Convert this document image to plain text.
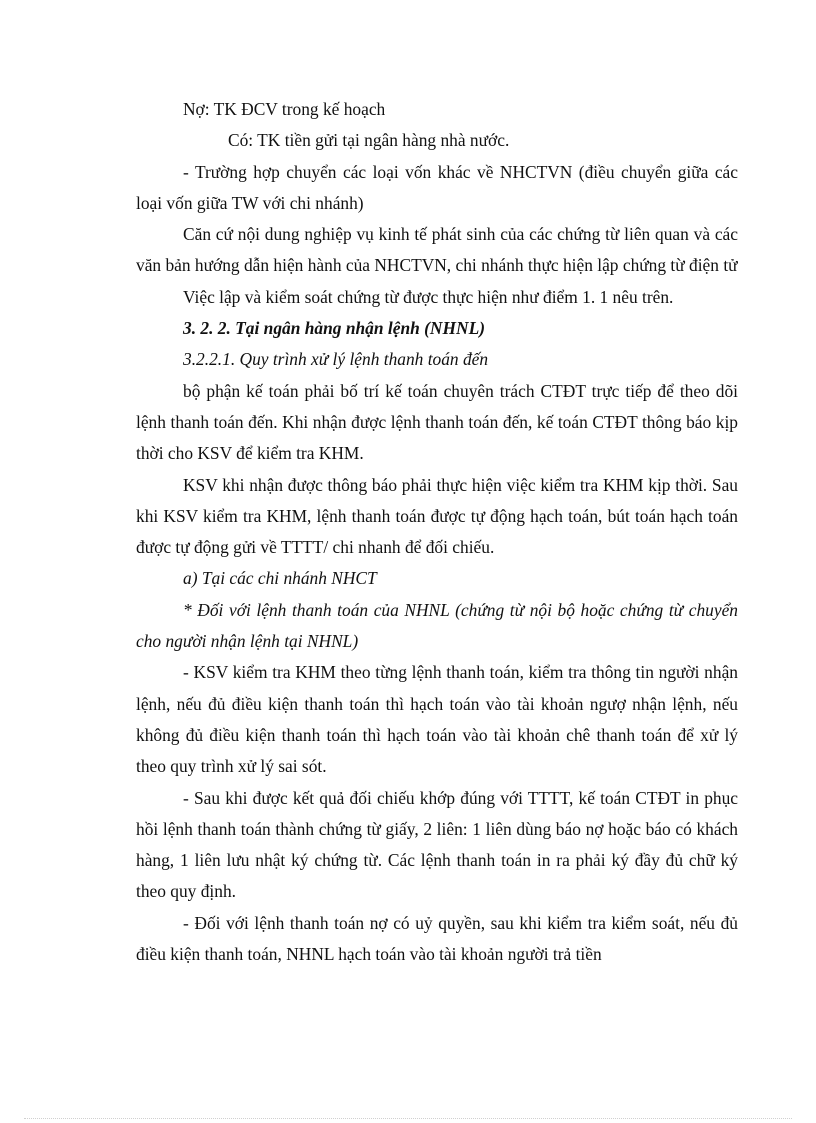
Nợ: TK ĐCV trong kế hoạch

Có: TK tiền gửi tại ngân hàng nhà nước.

- Trường hợp chuyển các loại vốn khác về NHCTVN (điều chuyển giữa các loại vốn giữa TW với chi nhánh)

Căn cứ nội dung nghiệp vụ kinh tế phát sinh của các chứng từ liên quan và các văn bản hướng dẫn hiện hành của NHCTVN, chi nhánh thực hiện lập chứng từ điện tử

Việc lập và kiểm soát chứng từ được thực hiện như điểm 1. 1 nêu trên.

3. 2. 2. Tại ngân hàng nhận lệnh (NHNL)

3.2.2.1. Quy trình xử lý lệnh thanh toán đến

bộ phận kế toán phải bố trí kế toán chuyên trách CTĐT trực tiếp để theo dõi lệnh thanh toán đến. Khi nhận được lệnh thanh toán đến, kế toán CTĐT thông báo kịp thời cho KSV để kiểm tra KHM.

KSV khi nhận được thông báo phải thực hiện việc kiểm tra KHM kịp thời. Sau khi KSV kiểm tra KHM, lệnh thanh toán được tự động hạch toán, bút toán hạch toán được tự động gửi về TTTT/ chi nhanh để đối chiếu.

a) Tại các chi nhánh NHCT

* Đối với lệnh thanh toán của NHNL (chứng từ nội bộ hoặc chứng từ chuyển cho người nhận lệnh tại NHNL)

- KSV kiểm tra KHM theo từng lệnh thanh toán, kiểm tra thông tin người nhận lệnh, nếu đủ điều kiện thanh toán thì hạch toán vào tài khoản ngượ nhận lệnh, nếu không đủ điều kiện thanh toán thì hạch toán vào tài khoản chê thanh toán để xử lý theo quy trình xử lý sai sót.

- Sau khi được kết quả đối chiếu khớp đúng với TTTT, kế toán CTĐT in phục hồi lệnh thanh toán thành chứng từ giấy, 2 liên: 1 liên dùng báo nợ hoặc báo có khách hàng, 1 liên lưu nhật ký chứng từ. Các lệnh thanh toán in ra phải ký đầy đủ chữ ký theo quy định.

- Đối với lệnh thanh toán nợ có uỷ quyền, sau khi kiểm tra kiểm soát, nếu đủ điều kiện thanh toán, NHNL hạch toán vào tài khoản người trả tiền
